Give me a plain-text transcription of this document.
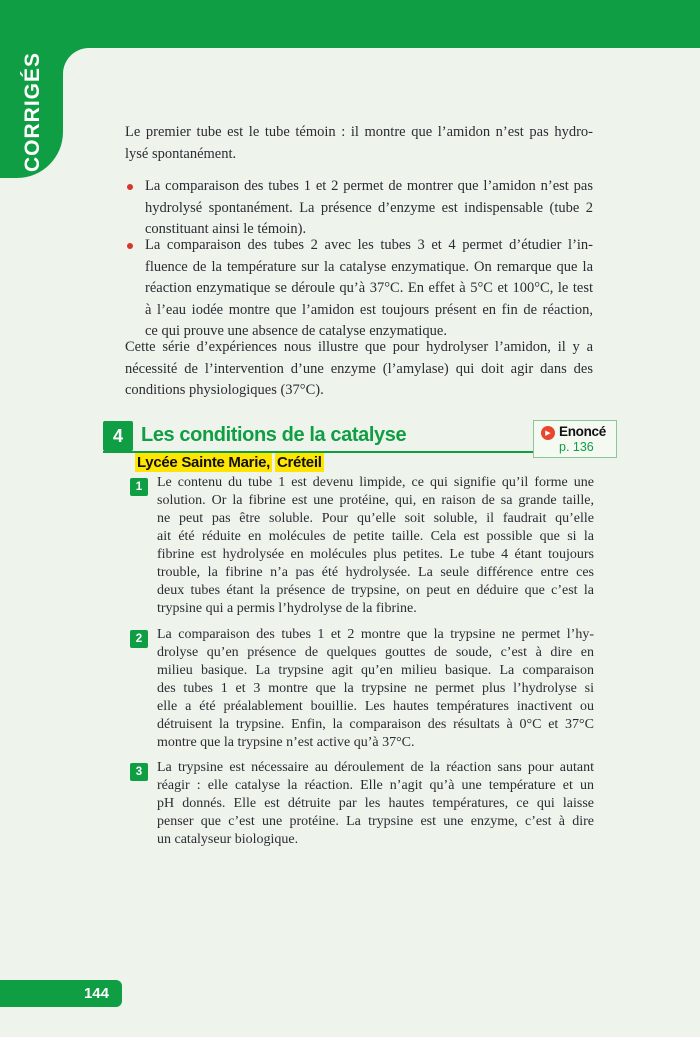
CORRIGÉS	Le premier tube est le tube témoin : il montre que l’amidon n’est pas hydro-
lysé spontanément.
La comparaison des tubes 1 et 2 permet de montrer que l’amidon n’est pas
hydrolysé spontanément. La présence d’enzyme est indispensable (tube 2
constituant ainsi le témoin).
La comparaison des tubes 2 avec les tubes 3 et 4 permet d’étudier l’in-
fluence de la température sur la catalyse enzymatique. On remarque que la
réaction enzymatique se déroule qu’à 37°C. En effet à 5°C et 100°C, le test
à l’eau iodée montre que l’amidon est toujours présent en fin de réaction,
ce qui prouve une absence de catalyse enzymatique.
Cette série d’expériences nous illustre que pour hydrolyser l’amidon, il y a
nécessité de l’intervention d’une enzyme (l’amylase) qui doit agir dans des
conditions physiologiques (37°C).
4 Les conditions de la catalyse	▶ Enoncé
p. 136
Lycée Sainte Marie, Créteil
1	Le contenu du tube 1 est devenu limpide, ce qui signifie qu’il forme une
solution. Or la fibrine est une protéine, qui, en raison de sa grande taille,
ne peut pas être soluble. Pour qu’elle soit soluble, il faudrait qu’elle
ait été réduite en molécules de petite taille. Cela est possible que si la
fibrine est hydrolysée en molécules plus petites. Le tube 4 étant toujours
trouble, la fibrine n’a pas été hydrolysée. La seule différence entre ces
deux tubes étant la présence de trypsine, on peut en déduire que c’est la
trypsine qui a permis l’hydrolyse de la fibrine.
2	La comparaison des tubes 1 et 2 montre que la trypsine ne permet l’hy-
drolyse qu’en présence de quelques gouttes de soude, c’est à dire en
milieu basique. La trypsine agit qu’en milieu basique. La comparaison
des tubes 1 et 3 montre que la trypsine ne permet plus l’hydrolyse si
elle a été préalablement bouillie. Les hautes températures inactivent ou
détruisent la trypsine. Enfin, la comparaison des résultats à 0°C et 37°C
montre que la trypsine n’est active qu’à 37°C.
3	La trypsine est nécessaire au déroulement de la réaction sans pour autant
réagir : elle catalyse la réaction. Elle n’agit qu’à une température et un
pH donnés. Elle est détruite par les hautes températures, ce qui laisse
penser que c’est une protéine. La trypsine est une enzyme, c’est à dire
un catalyseur biologique.
144
